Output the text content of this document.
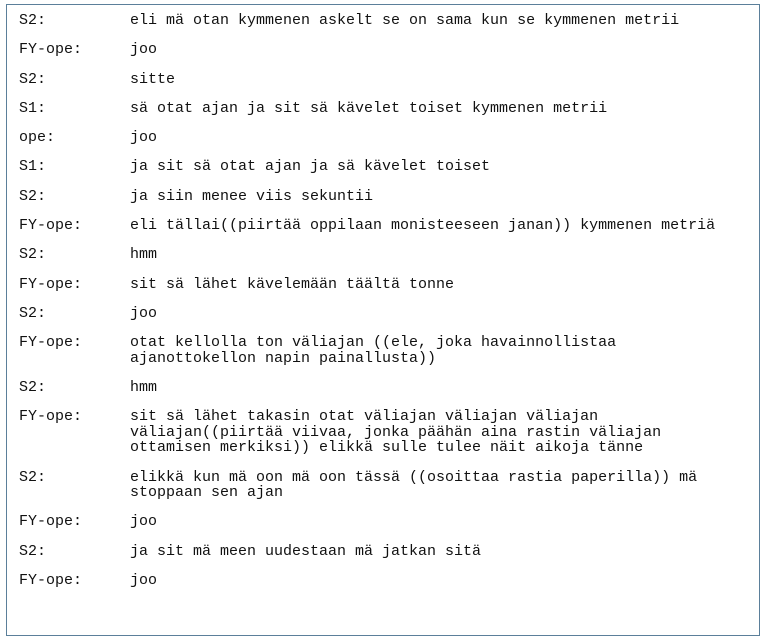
S2:	eli mä otan kymmenen askelt se on sama kun se kymmenen metrii
FY-ope:	joo
S2:	sitte
S1:	sä otat ajan ja sit sä kävelet toiset kymmenen metrii
ope:	joo
S1:	ja sit sä otat ajan ja sä kävelet toiset
S2:	ja siin menee viis sekuntii
FY-ope:	eli tällai((piirtää oppilaan monisteeseen janan)) kymmenen metriä
S2:	hmm
FY-ope:	sit sä lähet kävelemään täältä tonne
S2:	joo
FY-ope:	otat kellolla ton väliajan ((ele, joka havainnollistaa ajanottokellon napin painallusta))
S2:	hmm
FY-ope:	sit sä lähet takasin otat väliajan väliajan väliajan väliajan((piirtää viivaa, jonka päähän aina rastin väliajan ottamisen merkiksi)) elikkä sulle tulee näit aikoja tänne
S2:	elikkä kun mä oon mä oon tässä ((osoittaa rastia paperilla)) mä stoppaan sen ajan
FY-ope:	joo
S2:	ja sit mä meen uudestaan mä jatkan sitä
FY-ope:	joo
